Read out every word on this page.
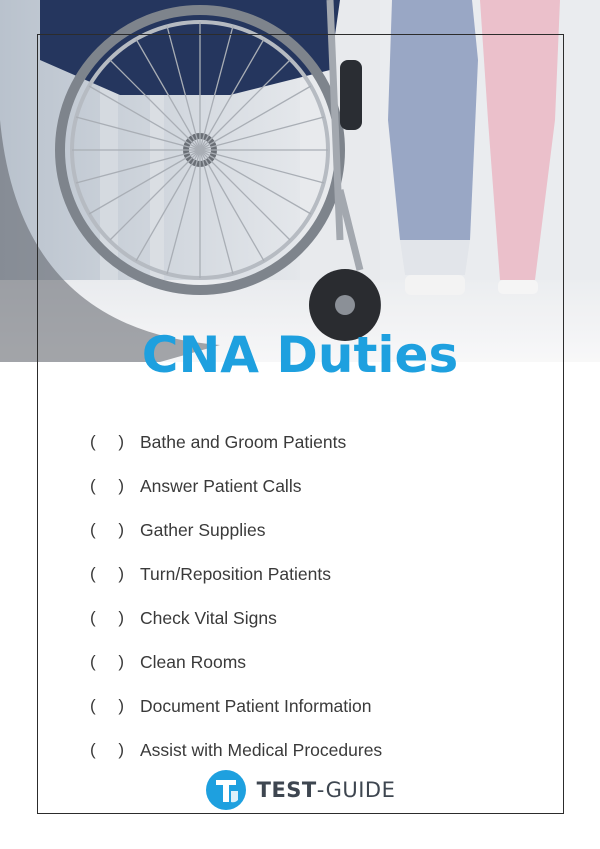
CNA Duties
( ) Bathe and Groom Patients
( ) Answer Patient Calls
( ) Gather Supplies
( ) Turn/Reposition Patients
( ) Check Vital Signs
( ) Clean Rooms
( ) Document Patient Information
( ) Assist with Medical Procedures
TEST-GUIDE
